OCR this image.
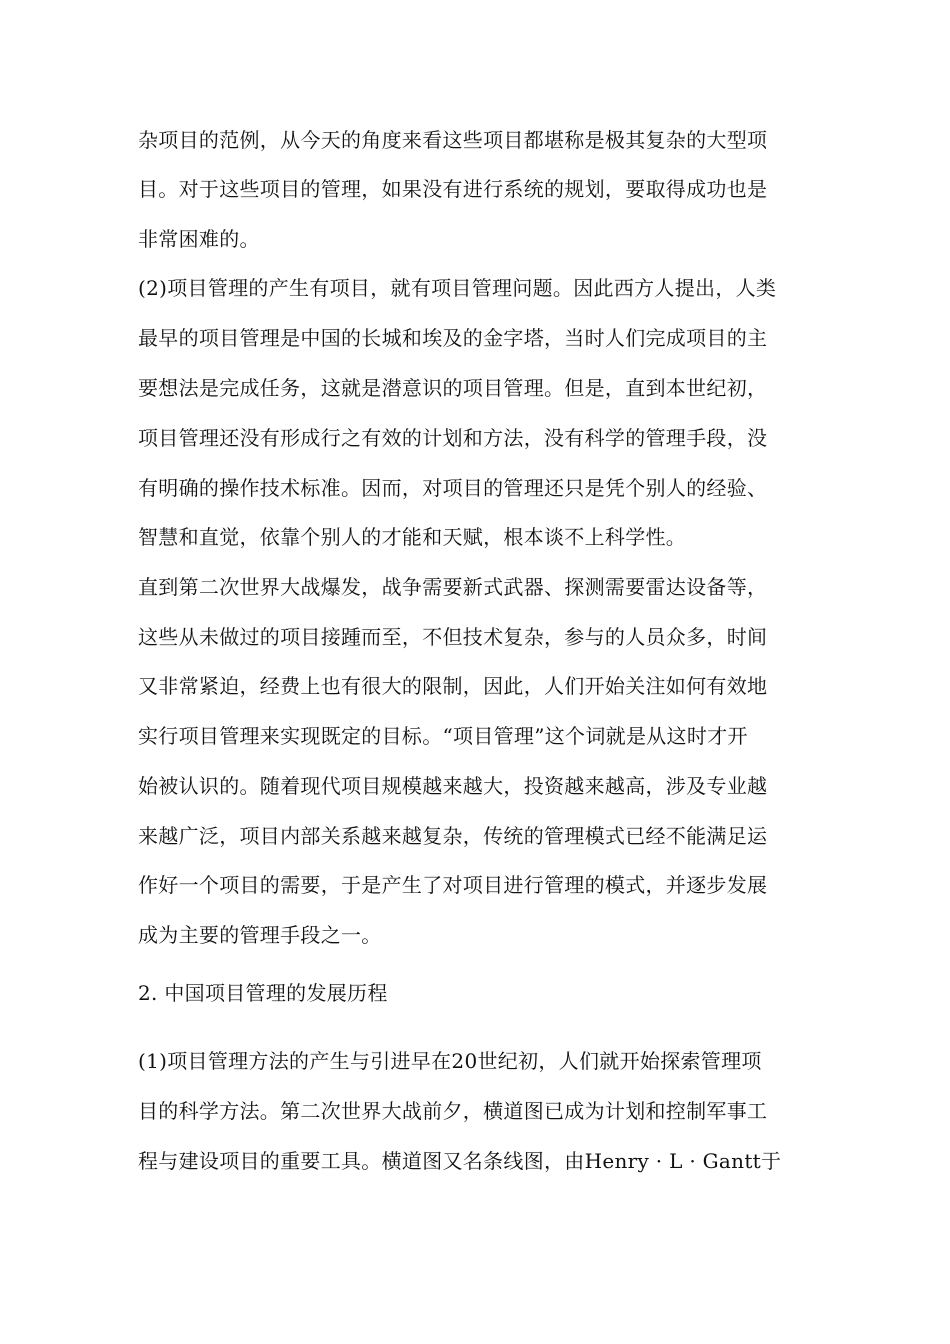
杂项目的范例，从今天的角度来看这些项目都堪称是极其复杂的大型项
目。对于这些项目的管理，如果没有进行系统的规划，要取得成功也是
非常困难的。
(2)项目管理的产生有项目，就有项目管理问题。因此西方人提出，人类
最早的项目管理是中国的长城和埃及的金字塔，当时人们完成项目的主
要想法是完成任务，这就是潜意识的项目管理。但是，直到本世纪初，
项目管理还没有形成行之有效的计划和方法，没有科学的管理手段，没
有明确的操作技术标准。因而，对项目的管理还只是凭个别人的经验、
智慧和直觉，依靠个别人的才能和天赋，根本谈不上科学性。
直到第二次世界大战爆发，战争需要新式武器、探测需要雷达设备等，
这些从未做过的项目接踵而至，不但技术复杂，参与的人员众多，时间
又非常紧迫，经费上也有很大的限制，因此，人们开始关注如何有效地
实行项目管理来实现既定的目标。“项目管理”这个词就是从这时才开
始被认识的。随着现代项目规模越来越大，投资越来越高，涉及专业越
来越广泛，项目内部关系越来越复杂，传统的管理模式已经不能满足运
作好一个项目的需要，于是产生了对项目进行管理的模式，并逐步发展
成为主要的管理手段之一。
2. 中国项目管理的发展历程
(1)项目管理方法的产生与引进早在20世纪初，人们就开始探索管理项
目的科学方法。第二次世界大战前夕，横道图已成为计划和控制军事工
程与建设项目的重要工具。横道图又名条线图，由Henry · L · Gantt于
